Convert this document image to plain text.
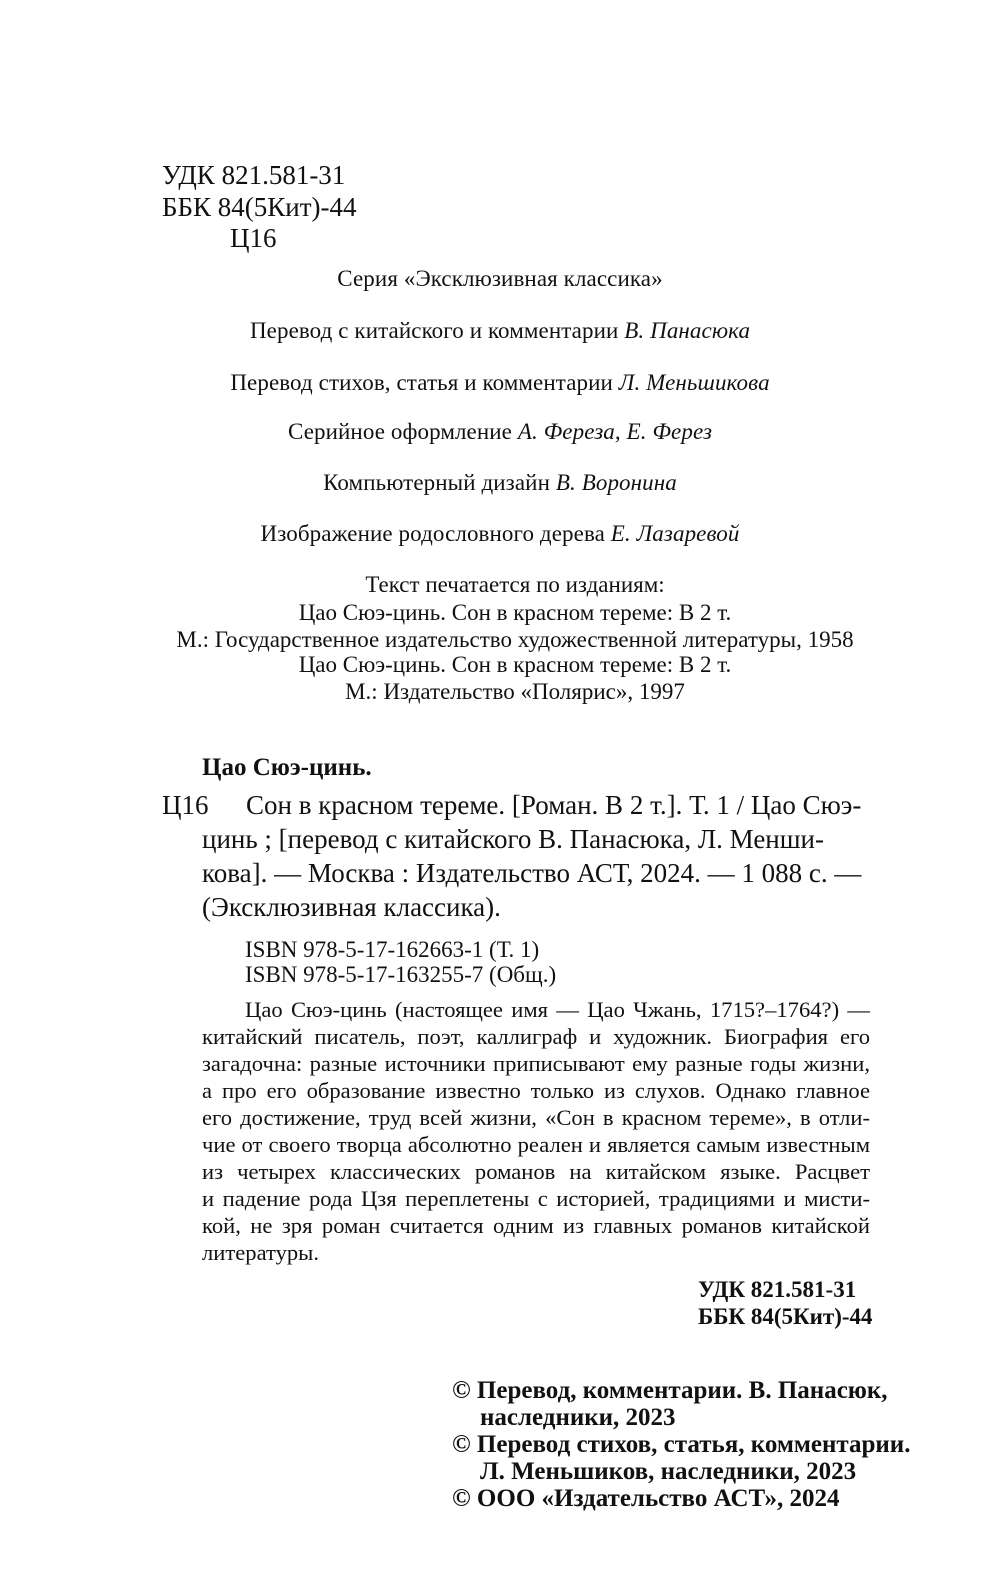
УДК 821.581-31
ББК 84(5Кит)-44
Ц16
Серия «Эксклюзивная классика»
Перевод с китайского и комментарии В. Панасюка
Перевод стихов, статья и комментарии Л. Меньшикова
Серийное оформление А. Фереза, Е. Ферез
Компьютерный дизайн В. Воронина
Изображение родословного дерева Е. Лазаревой
Текст печатается по изданиям:
Цао Сюэ-цинь. Сон в красном тереме: В 2 т.
М.: Государственное издательство художественной литературы, 1958
Цао Сюэ-цинь. Сон в красном тереме: В 2 т.
М.: Издательство «Полярис», 1997
Цао Сюэ-цинь.
Ц16 Сон в красном тереме. [Роман. В 2 т.]. Т. 1 / Цао Сюэ-
цинь ; [перевод с китайского В. Панасюка, Л. Менши-
кова]. — Москва : Издательство АСТ, 2024. — 1 088 с. —
(Эксклюзивная классика).
ISBN 978-5-17-162663-1 (Т. 1)
ISBN 978-5-17-163255-7 (Общ.)
Цао Сюэ-цинь (настоящее имя — Цао Чжань, 1715?–1764?) —
китайский писатель, поэт, каллиграф и художник. Биография его
загадочна: разные источники приписывают ему разные годы жизни,
а про его образование известно только из слухов. Однако главное
его достижение, труд всей жизни, «Сон в красном тереме», в отли-
чие от своего творца абсолютно реален и является самым известным
из четырех классических романов на китайском языке. Расцвет
и падение рода Цзя переплетены с историей, традициями и мисти-
кой, не зря роман считается одним из главных романов китайской
литературы.
УДК 821.581-31
ББК 84(5Кит)-44
© Перевод, комментарии. В. Панасюк,
наследники, 2023
© Перевод стихов, статья, комментарии.
Л. Меньшиков, наследники, 2023
© ООО «Издательство АСТ», 2024
